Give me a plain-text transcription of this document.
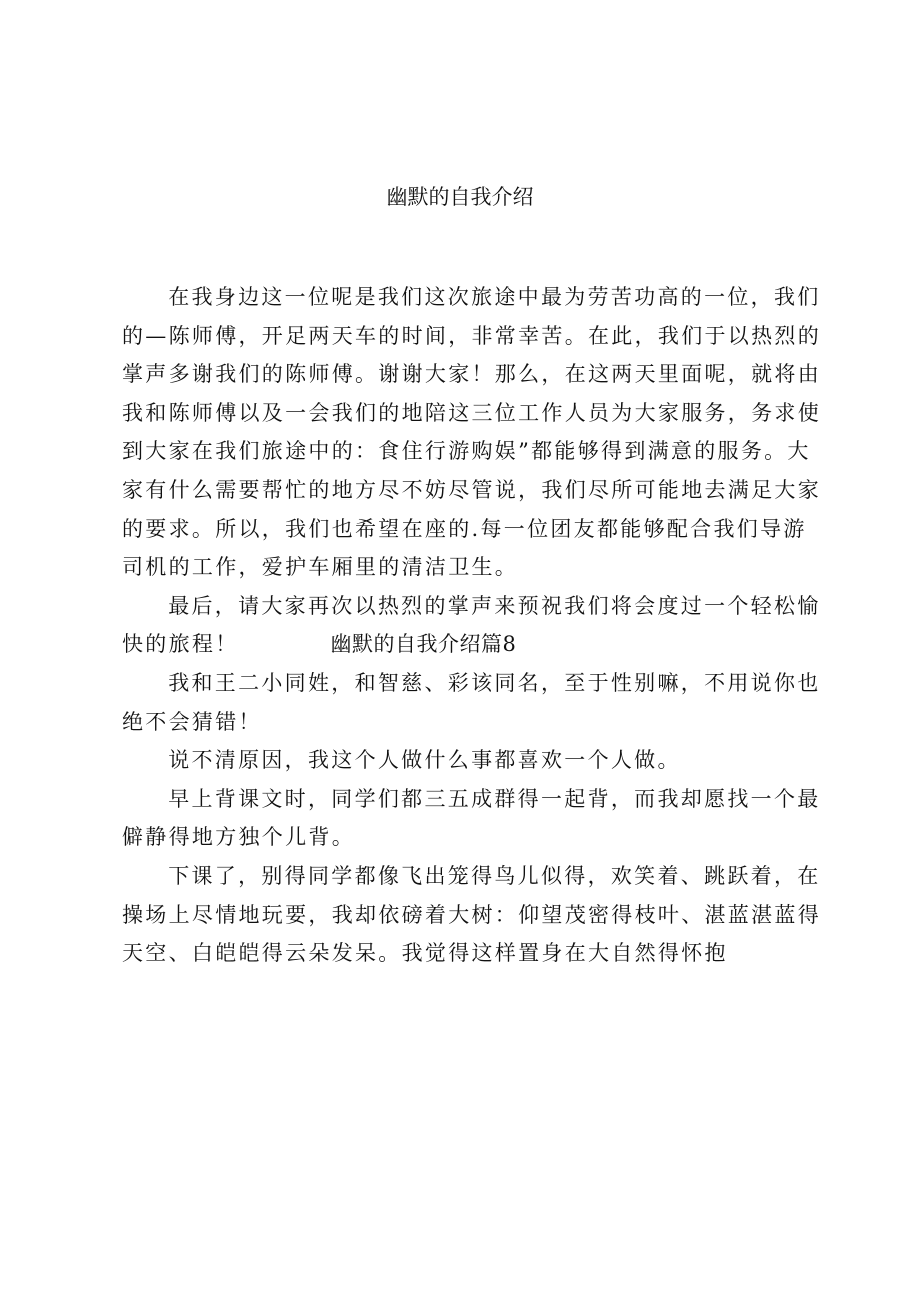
幽默的自我介绍

在我身边这一位呢是我们这次旅途中最为劳苦功高的一位，我们的—陈师傅，开足两天车的时间，非常幸苦。在此，我们于以热烈的掌声多谢我们的陈师傅。谢谢大家！那么，在这两天里面呢，就将由我和陈师傅以及一会我们的地陪这三位工作人员为大家服务，务求使到大家在我们旅途中的：食住行游购娱”都能够得到满意的服务。大家有什么需要帮忙的地方尽不妨尽管说，我们尽所可能地去满足大家的要求。所以，我们也希望在座的.每一位团友都能够配合我们导游司机的工作，爱护车厢里的清洁卫生。

最后，请大家再次以热烈的掌声来预祝我们将会度过一个轻松愉快的旅程！	幽默的自我介绍篇8

我和王二小同姓，和智慈、彩该同名，至于性别嘛，不用说你也绝不会猜错！

说不清原因，我这个人做什么事都喜欢一个人做。

早上背课文时，同学们都三五成群得一起背，而我却愿找一个最僻静得地方独个儿背。

下课了，别得同学都像飞出笼得鸟儿似得，欢笑着、跳跃着，在操场上尽情地玩要，我却依磅着大树：仰望茂密得枝叶、湛蓝湛蓝得天空、白皑皑得云朵发呆。我觉得这样置身在大自然得怀抱
